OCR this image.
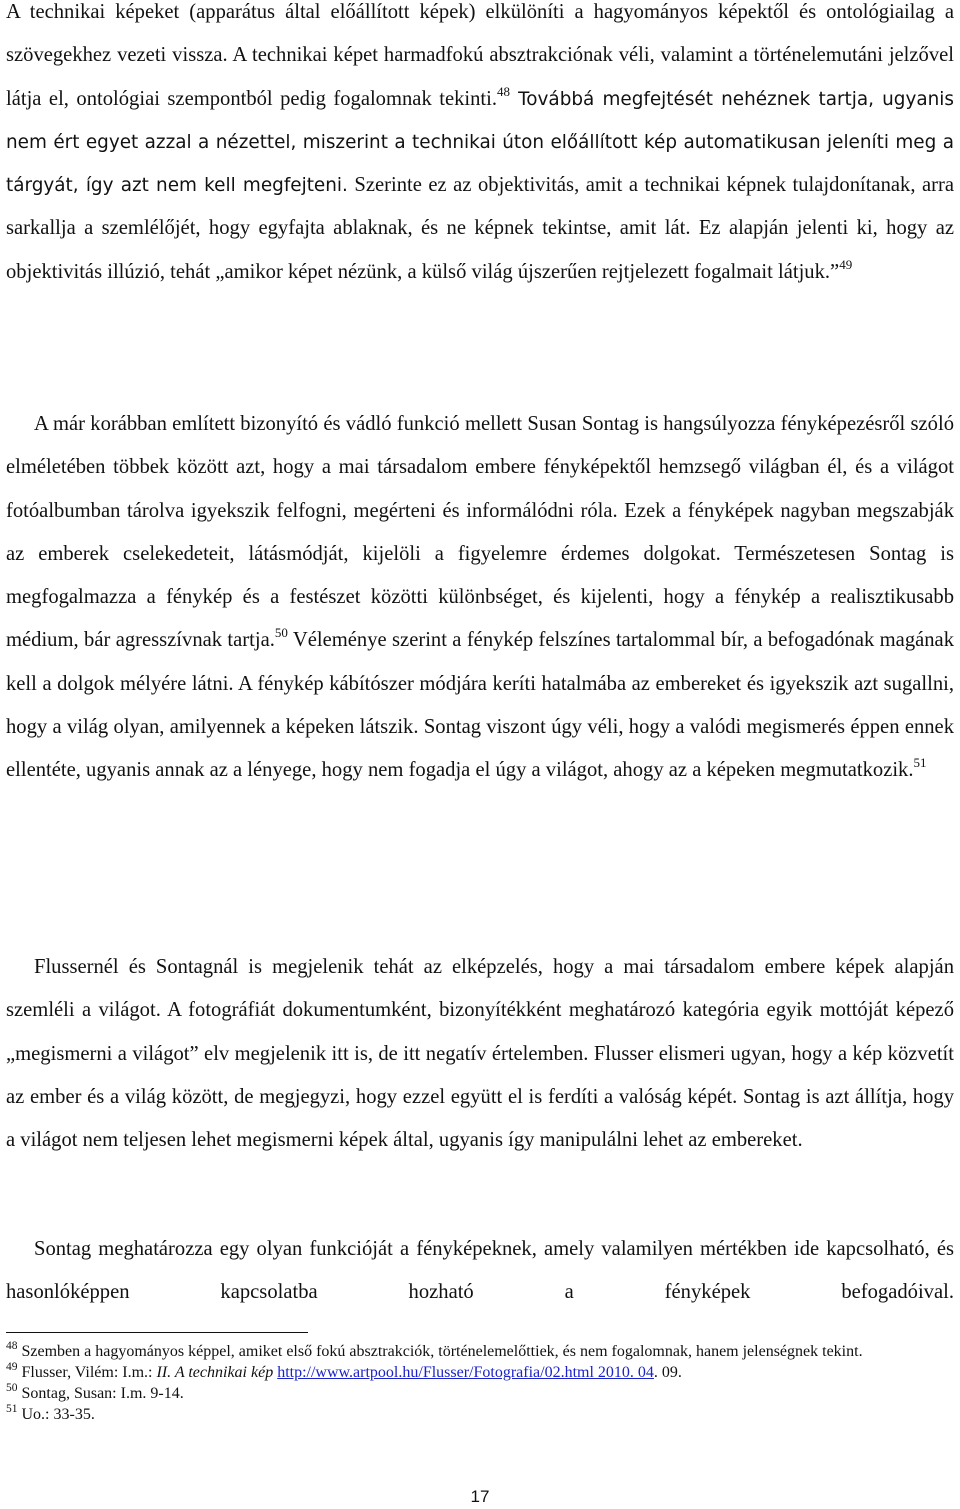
A technikai képeket (apparátus által előállított képek) elkülöníti a hagyományos képektől és ontológiailag a szövegekhez vezeti vissza. A technikai képet harmadfokú absztrakciónak véli, valamint a történelemutáni jelzővel látja el, ontológiai szempontból pedig fogalomnak tekinti.$^{48}$ Továbbá megfejtését nehéznek tartja, ugyanis nem ért egyet azzal a nézettel, miszerint a technikai úton előállított kép automatikusan jeleníti meg a tárgyát, így azt nem kell megfejteni. Szerinte ez az objektivitás, amit a technikai képnek tulajdonítanak, arra sarkallja a szemlélőjét, hogy egyfajta ablaknak, és ne képnek tekintse, amit lát. Ez alapján jelenti ki, hogy az objektivitás illúzió, tehát „amikor képet nézünk, a külső világ újszerűen rejtjelezett fogalmait látjuk.”$^{49}$

A már korábban említett bizonyító és vádló funkció mellett Susan Sontag is hangsúlyozza fényképezésről szóló elméletében többek között azt, hogy a mai társadalom embere fényképektől hemzsegő világban él, és a világot fotóalbumban tárolva igyekszik felfogni, megérteni és informálódni róla. Ezek a fényképek nagyban megszabják az emberek cselekedeteit, látásmódját, kijelöli a figyelemre érdemes dolgokat. Természetesen Sontag is megfogalmazza a fénykép és a festészet közötti különbséget, és kijelenti, hogy a fénykép a realisztikusabb médium, bár agresszívnak tartja.$^{50}$ Véleménye szerint a fénykép felszínes tartalommal bír, a befogadónak magának kell a dolgok mélyére látni. A fénykép kábítószer módjára keríti hatalmába az embereket és igyekszik azt sugallni, hogy a világ olyan, amilyennek a képeken látszik. Sontag viszont úgy véli, hogy a valódi megismerés éppen ennek ellentéte, ugyanis annak az a lényege, hogy nem fogadja el úgy a világot, ahogy az a képeken megmutatkozik.$^{51}$

Flussernél és Sontagnál is megjelenik tehát az elképzelés, hogy a mai társadalom embere képek alapján szemléli a világot. A fotográfiát dokumentumként, bizonyítékként meghatározó kategória egyik mottóját képező „megismerni a világot” elv megjelenik itt is, de itt negatív értelemben. Flusser elismeri ugyan, hogy a kép közvetít az ember és a világ között, de megjegyzi, hogy ezzel együtt el is ferdíti a valóság képét. Sontag is azt állítja, hogy a világot nem teljesen lehet megismerni képek által, ugyanis így manipulálni lehet az embereket.

Sontag meghatározza egy olyan funkcióját a fényképeknek, amely valamilyen mértékben ide kapcsolható, és hasonlóképpen kapcsolatba hozható a fényképek befogadóival.

$^{48}$ Szemben a hagyományos képpel, amiket első fokú absztrakciók, történelemelőttiek, és nem fogalomnak, hanem jelenségnek tekint.

$^{49}$ Flusser, Vilém: I.m.: II. A technikai kép http://www.artpool.hu/Flusser/Fotografia/02.html 2010. 04. 09.

$^{50}$ Sontag, Susan: I.m. 9-14.

$^{51}$ Uo.: 33-35.

17
